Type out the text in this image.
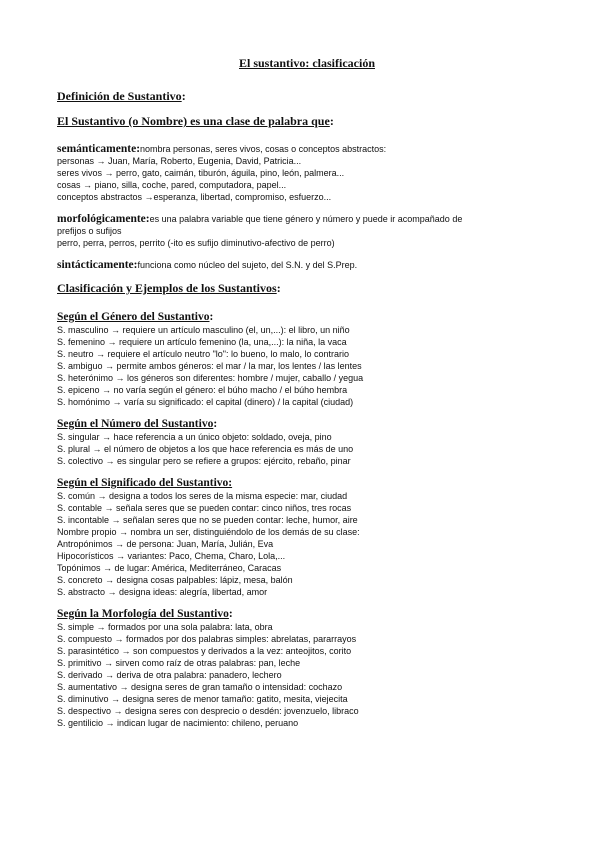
El sustantivo: clasificación
Definición de Sustantivo:
El Sustantivo (o Nombre) es una clase de palabra que:
semánticamente:nombra personas, seres vivos, cosas o conceptos abstractos:
personas → Juan, María, Roberto, Eugenia, David, Patricia...
seres vivos → perro, gato, caimán, tiburón, águila, pino, león, palmera...
cosas → piano, silla, coche, pared, computadora, papel...
conceptos abstractos →esperanza, libertad, compromiso, esfuerzo...
morfológicamente:es una palabra variable que tiene género y número y puede ir acompañado de
prefijos o sufijos
perro, perra, perros, perrito (-ito es sufijo diminutivo-afectivo de perro)
sintácticamente:funciona como núcleo del sujeto, del S.N. y del S.Prep.
Clasificación y Ejemplos de los Sustantivos:
Según el Género del Sustantivo:
S. masculino → requiere un artículo masculino (el, un,...): el libro, un niño
S. femenino → requiere un artículo femenino (la, una,...): la niña, la vaca
S. neutro → requiere el artículo neutro "lo": lo bueno, lo malo, lo contrario
S. ambiguo → permite ambos géneros: el mar / la mar, los lentes / las lentes
S. heterónimo → los géneros son diferentes: hombre / mujer, caballo / yegua
S. epiceno → no varía según el género: el búho macho / el búho hembra
S. homónimo → varía su significado: el capital (dinero) / la capital (ciudad)
Según el Número del Sustantivo:
S. singular → hace referencia a un único objeto: soldado, oveja, pino
S. plural → el número de objetos a los que hace referencia es más de uno
S. colectivo → es singular pero se refiere a grupos: ejército, rebaño, pinar
Según el Significado del Sustantivo:
S. común → designa a todos los seres de la misma especie: mar, ciudad
S. contable → señala seres que se pueden contar: cinco niños, tres rocas
S. incontable → señalan seres que no se pueden contar: leche, humor, aire
Nombre propio → nombra un ser, distinguiéndolo de los demás de su clase:
Antropónimos → de persona: Juan, María, Julián, Eva
Hipocorísticos → variantes: Paco, Chema, Charo, Lola,...
Topónimos → de lugar: América, Mediterráneo, Caracas
S. concreto → designa cosas palpables: lápiz, mesa, balón
S. abstracto → designa ideas: alegría, libertad, amor
Según la Morfología del Sustantivo:
S. simple → formados por una sola palabra: lata, obra
S. compuesto → formados por dos palabras simples: abrelatas, pararrayos
S. parasintético → son compuestos y derivados a la vez: anteojitos, corito
S. primitivo → sirven como raíz de otras palabras: pan, leche
S. derivado → deriva de otra palabra: panadero, lechero
S. aumentativo → designa seres de gran tamaño o intensidad: cochazo
S. diminutivo → designa seres de menor tamaño: gatito, mesita, viejecita
S. despectivo → designa seres con desprecio o desdén: jovenzuelo, libraco
S. gentilicio → indican lugar de nacimiento: chileno, peruano
